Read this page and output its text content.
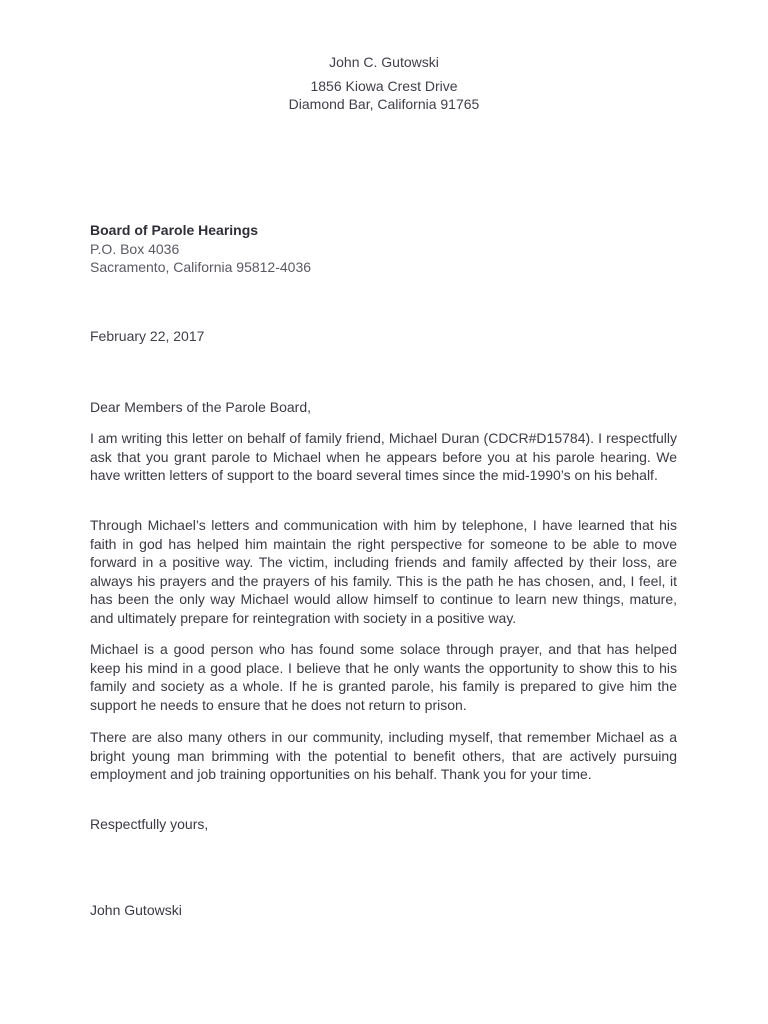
John C. Gutowski
1856 Kiowa Crest Drive
Diamond Bar, California 91765
Board of Parole Hearings
P.O. Box 4036
Sacramento, California 95812-4036
February 22, 2017
Dear Members of the Parole Board,
I am writing this letter on behalf of family friend, Michael Duran (CDCR#D15784). I respectfully ask that you grant parole to Michael when he appears before you at his parole hearing. We have written letters of support to the board several times since the mid-1990’s on his behalf.
Through Michael’s letters and communication with him by telephone, I have learned that his faith in god has helped him maintain the right perspective for someone to be able to move forward in a positive way. The victim, including friends and family affected by their loss, are always his prayers and the prayers of his family. This is the path he has chosen, and, I feel, it has been the only way Michael would allow himself to continue to learn new things, mature, and ultimately prepare for reintegration with society in a positive way.
Michael is a good person who has found some solace through prayer, and that has helped keep his mind in a good place. I believe that he only wants the opportunity to show this to his family and society as a whole. If he is granted parole, his family is prepared to give him the support he needs to ensure that he does not return to prison.
There are also many others in our community, including myself, that remember Michael as a bright young man brimming with the potential to benefit others, that are actively pursuing employment and job training opportunities on his behalf. Thank you for your time.
Respectfully yours,
John Gutowski
